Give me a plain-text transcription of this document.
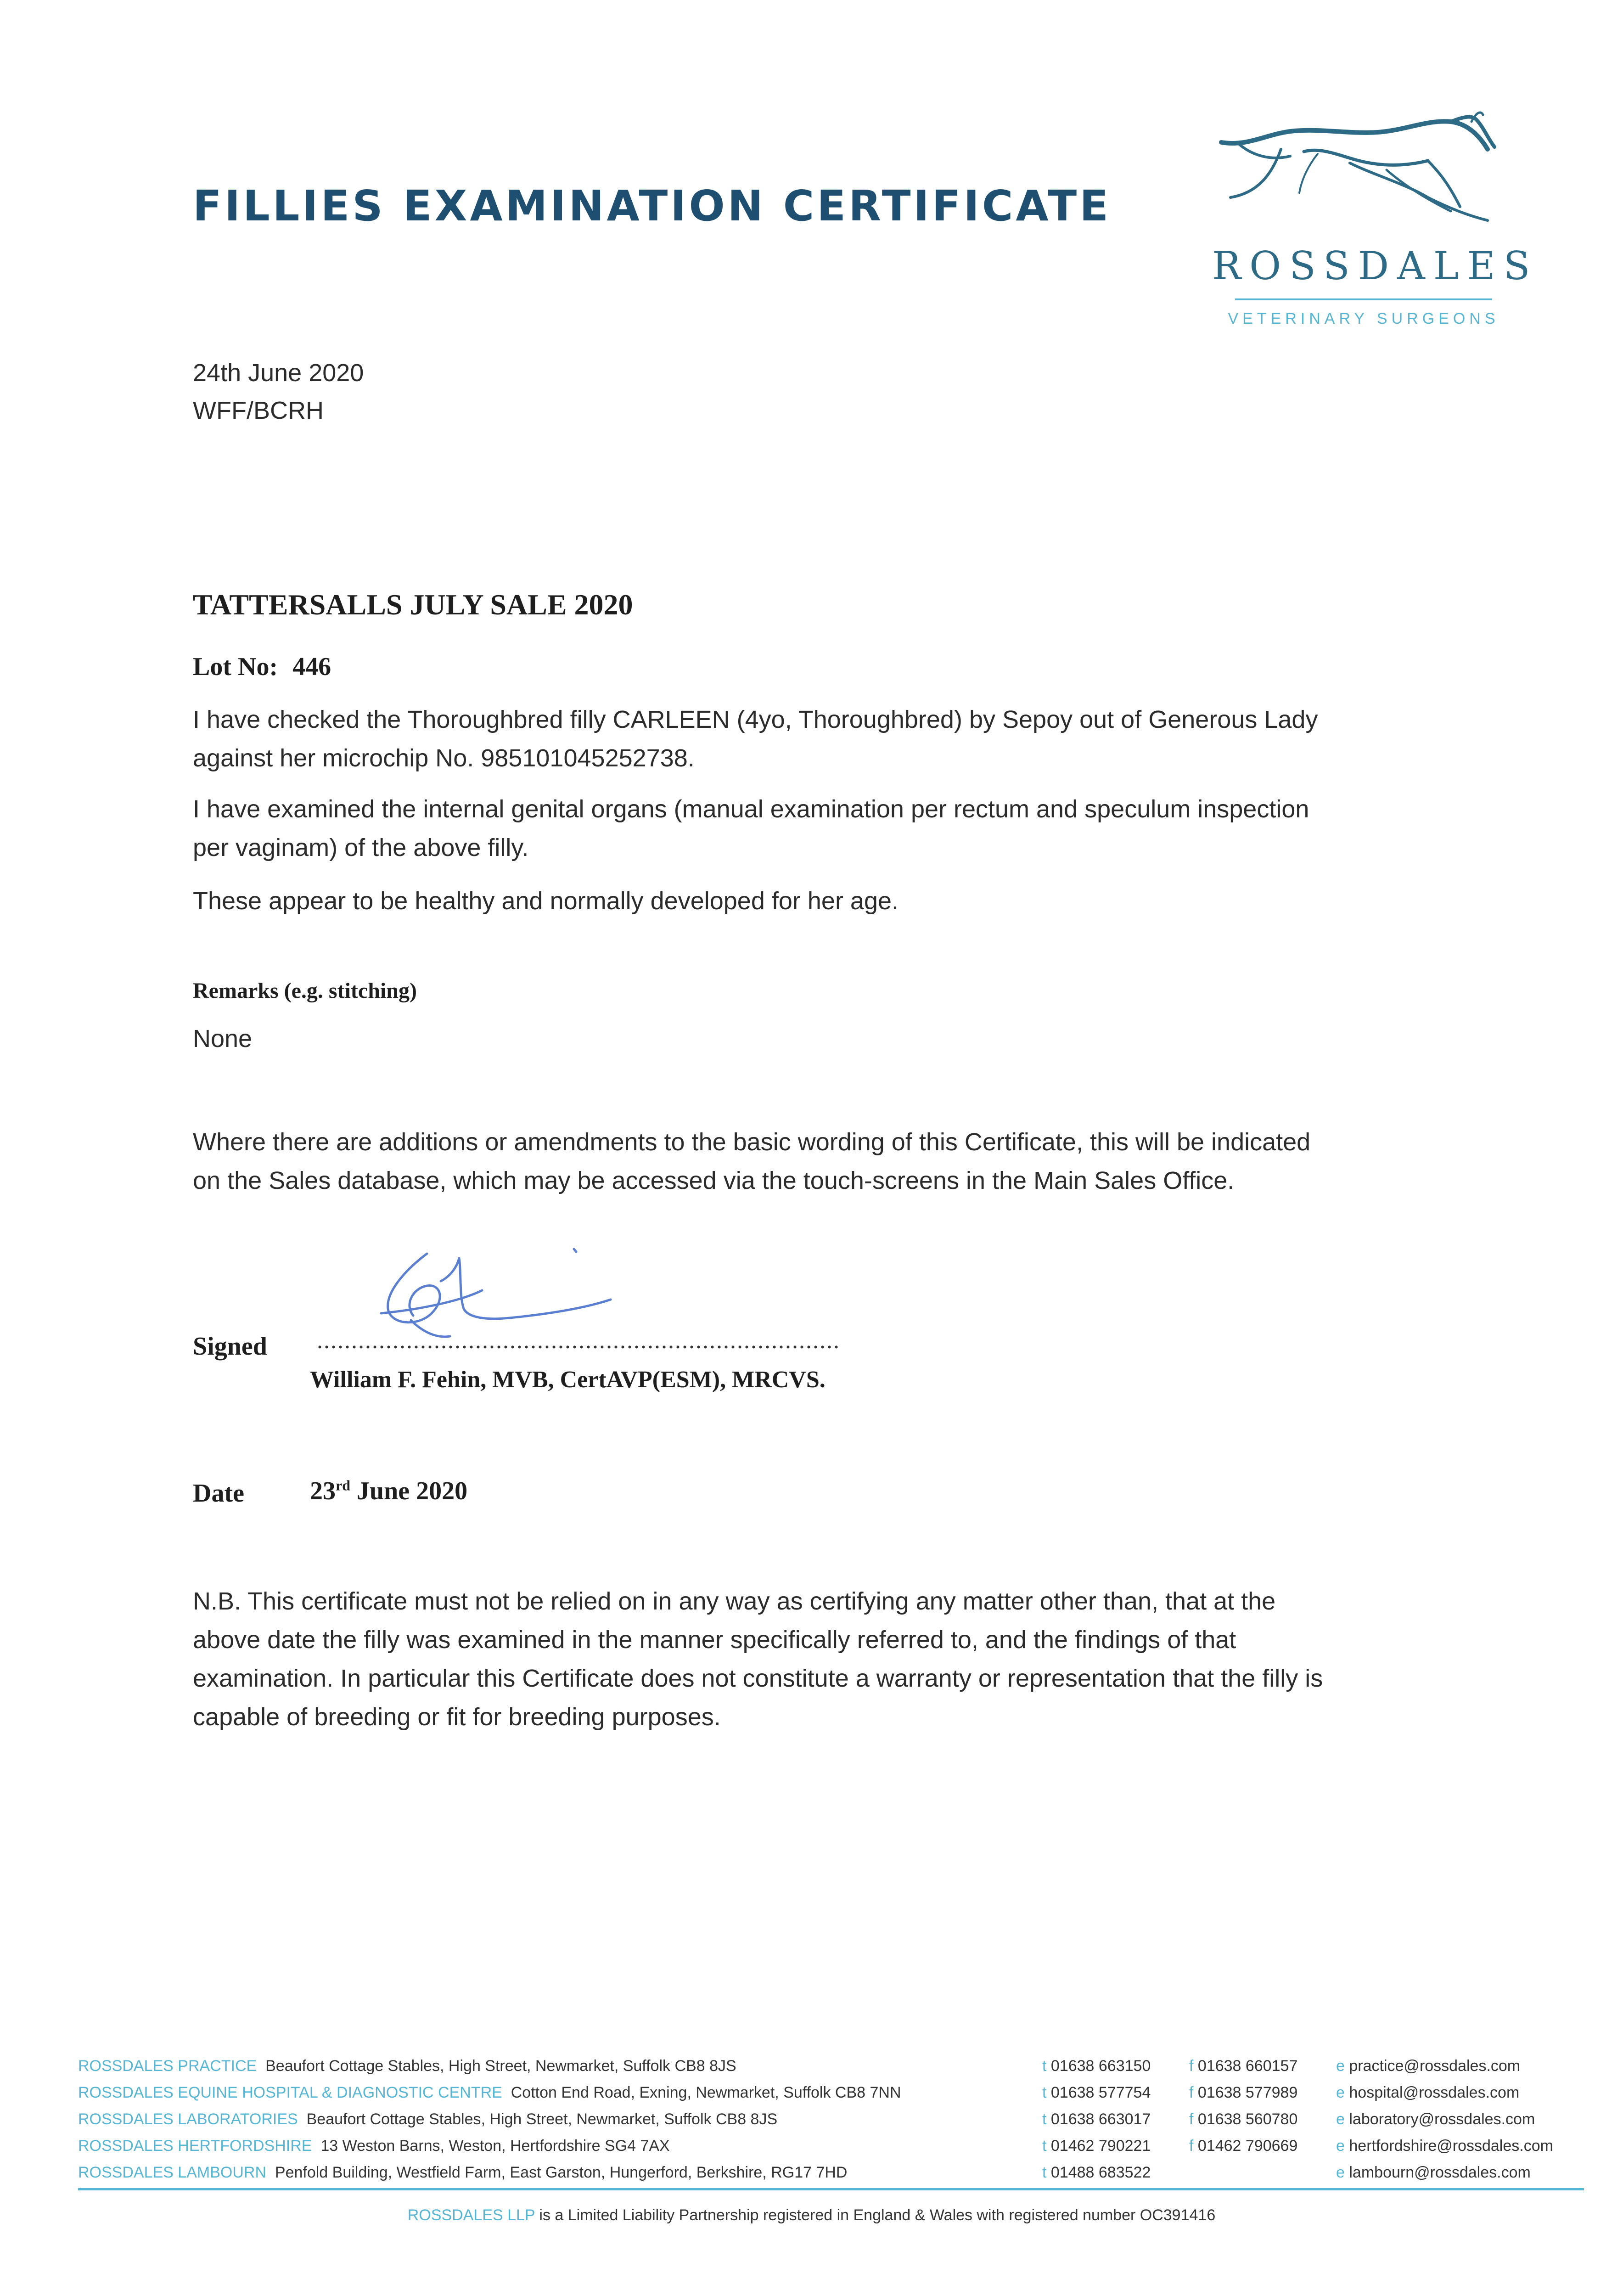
FILLIES EXAMINATION CERTIFICATE
ROSSDALES
VETERINARY SURGEONS
24th June 2020
WFF/BCRH
TATTERSALLS JULY SALE 2020
Lot No: 446
I have checked the Thoroughbred filly CARLEEN (4yo, Thoroughbred) by Sepoy out of Generous Lady
against her microchip No. 985101045252738.
I have examined the internal genital organs (manual examination per rectum and speculum inspection
per vaginam) of the above filly.
These appear to be healthy and normally developed for her age.
Remarks (e.g. stitching)
None
Where there are additions or amendments to the basic wording of this Certificate, this will be indicated
on the Sales database, which may be accessed via the touch-screens in the Main Sales Office.
Signed ............................................................................
William F. Fehin, MVB, CertAVP(ESM), MRCVS.
Date	23rd June 2020
N.B. This certificate must not be relied on in any way as certifying any matter other than, that at the
above date the filly was examined in the manner specifically referred to, and the findings of that
examination. In particular this Certificate does not constitute a warranty or representation that the filly is
capable of breeding or fit for breeding purposes.
ROSSDALES PRACTICE Beaufort Cottage Stables, High Street, Newmarket, Suffolk CB8 8JS	t 01638 663150 f 01638 660157 e practice@rossdales.com
ROSSDALES EQUINE HOSPITAL & DIAGNOSTIC CENTRE Cotton End Road, Exning, Newmarket, Suffolk CB8 7NN	t 01638 577754 f 01638 577989 e hospital@rossdales.com
ROSSDALES LABORATORIES Beaufort Cottage Stables, High Street, Newmarket, Suffolk CB8 8JS	t 01638 663017 f 01638 560780 e laboratory@rossdales.com
ROSSDALES HERTFORDSHIRE 13 Weston Barns, Weston, Hertfordshire SG4 7AX	t 01462 790221 f 01462 790669 e hertfordshire@rossdales.com
ROSSDALES LAMBOURN Penfold Building, Westfield Farm, East Garston, Hungerford, Berkshire, RG17 7HD	t 01488 683522	e lambourn@rossdales.com
ROSSDALES LLP is a Limited Liability Partnership registered in England & Wales with registered number OC391416
